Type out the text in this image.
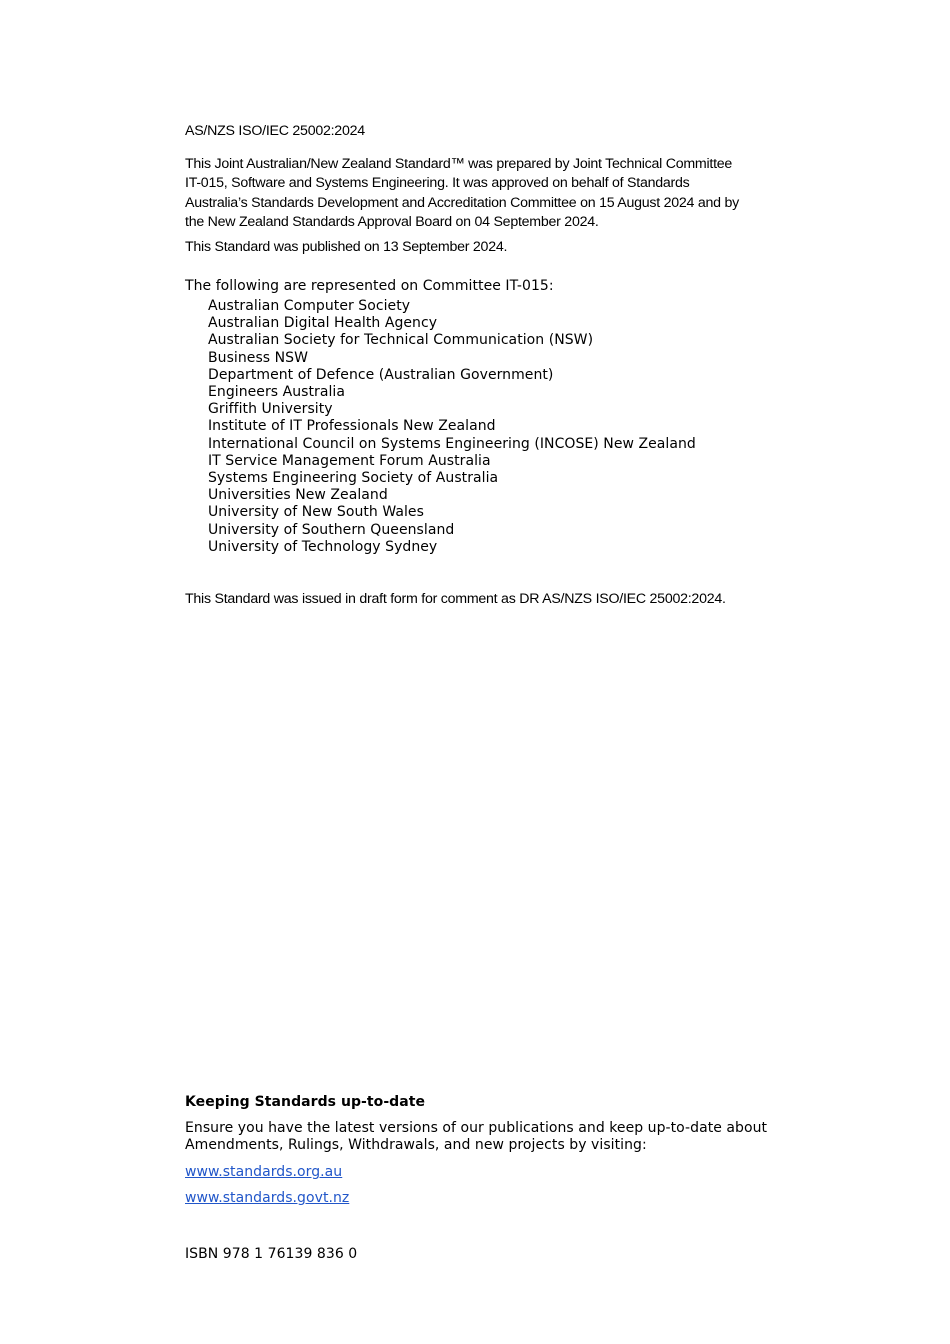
AS/NZS ISO/IEC 25002:2024

This Joint Australian/New Zealand Standard™ was prepared by Joint Technical Committee
IT-015, Software and Systems Engineering. It was approved on behalf of Standards
Australia’s Standards Development and Accreditation Committee on 15 August 2024 and by
the New Zealand Standards Approval Board on 04 September 2024.

This Standard was published on 13 September 2024.

The following are represented on Committee IT-015:

Australian Computer Society
Australian Digital Health Agency
Australian Society for Technical Communication (NSW)
Business NSW
Department of Defence (Australian Government)
Engineers Australia
Griffith University
Institute of IT Professionals New Zealand
International Council on Systems Engineering (INCOSE) New Zealand
IT Service Management Forum Australia
Systems Engineering Society of Australia
Universities New Zealand
University of New South Wales
University of Southern Queensland
University of Technology Sydney

This Standard was issued in draft form for comment as DR AS/NZS ISO/IEC 25002:2024.

Keeping Standards up-to-date

Ensure you have the latest versions of our publications and keep up-to-date about
Amendments, Rulings, Withdrawals, and new projects by visiting:
www.standards.org.au
www.standards.govt.nz

ISBN 978 1 76139 836 0
